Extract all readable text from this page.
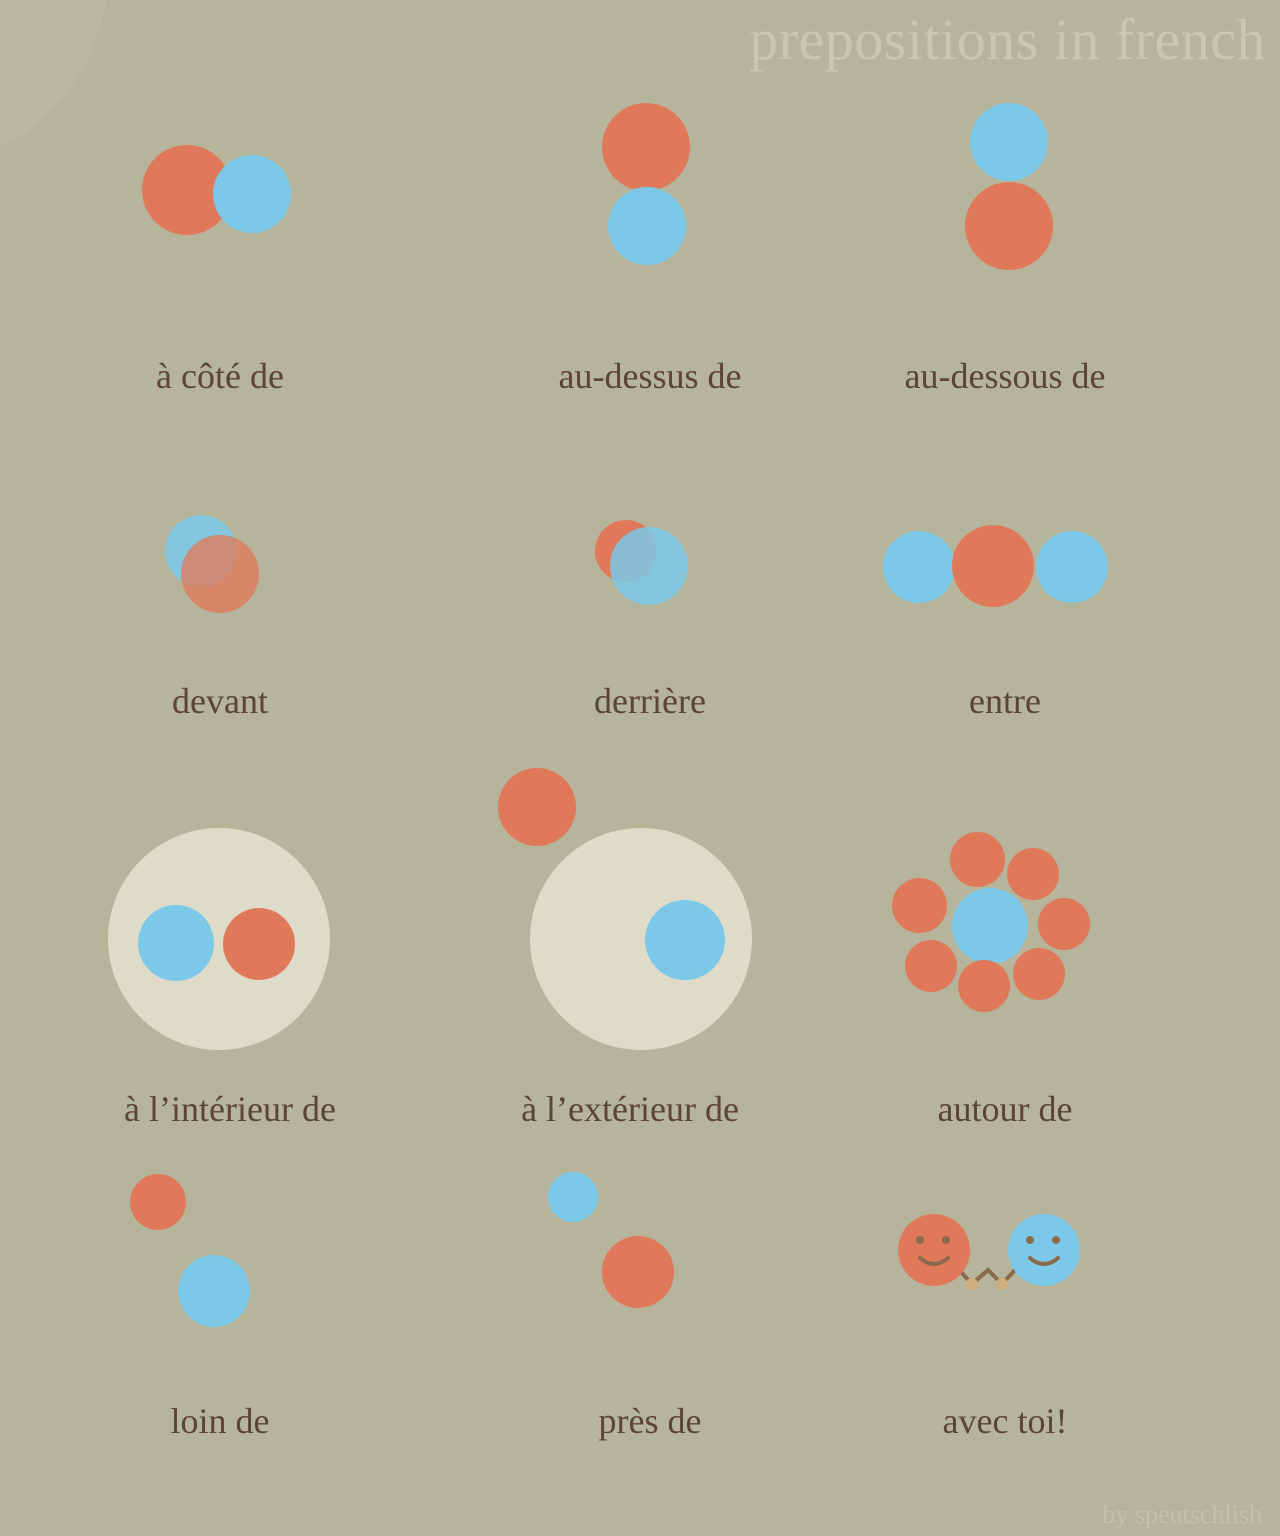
prepositions in french
à côté de	au-dessus de	au-dessous de
devant	derrière	entre
à l’intérieur de	à l’extérieur de	autour de
loin de	près de	avec toi!
by speutschlish
